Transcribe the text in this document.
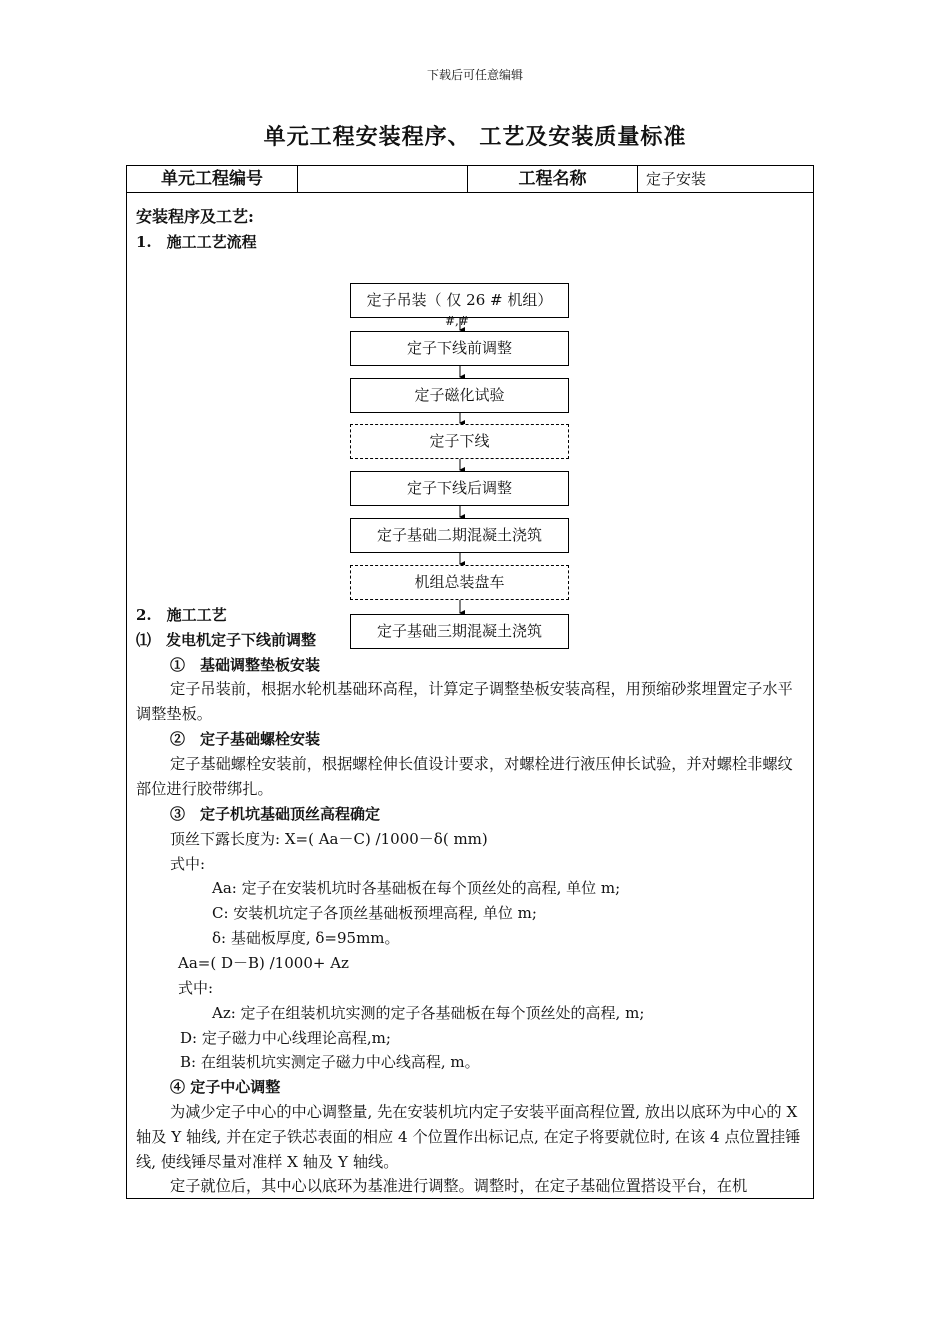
下载后可任意编辑
单元工程安装程序、 工艺及安装质量标准
单元工程编号	工程名称	定子安装
安装程序及工艺:
1.　施工工艺流程
定子吊装（ 仅 26 # 机组）
#,#
定子下线前调整
定子磁化试验
定子下线
定子下线后调整
定子基础二期混凝土浇筑
机组总装盘车
定子基础三期混凝土浇筑
2.　施工工艺
⑴　发电机定子下线前调整
①　基础调整垫板安装
定子吊装前，根据水轮机基础环高程，计算定子调整垫板安装高程，用预缩砂浆埋置定子水平调整垫板。
②　定子基础螺栓安装
定子基础螺栓安装前，根据螺栓伸长值设计要求，对螺栓进行液压伸长试验，并对螺栓非螺纹部位进行胶带绑扎。
③　定子机坑基础顶丝高程确定
顶丝下露长度为: X=( Aa－C) /1000－δ( mm)
式中:
Aa: 定子在安装机坑时各基础板在每个顶丝处的高程, 单位 m;
C: 安装机坑定子各顶丝基础板预埋高程, 单位 m;
δ: 基础板厚度, δ=95mm。
Aa=( D－B) /1000+ Az
式中:
Az: 定子在组装机坑实测的定子各基础板在每个顶丝处的高程, m;
D: 定子磁力中心线理论高程,m;
B: 在组装机坑实测定子磁力中心线高程, m。
④ 定子中心调整
为减少定子中心的中心调整量, 先在安装机坑内定子安装平面高程位置, 放出以底环为中心的 X 轴及 Y 轴线, 并在定子铁芯表面的相应 4 个位置作出标记点, 在定子将要就位时, 在该 4 点位置挂锤线, 使线锤尽量对准样 X 轴及 Y 轴线。
定子就位后，其中心以底环为基准进行调整。调整时，在定子基础位置搭设平台，在机
